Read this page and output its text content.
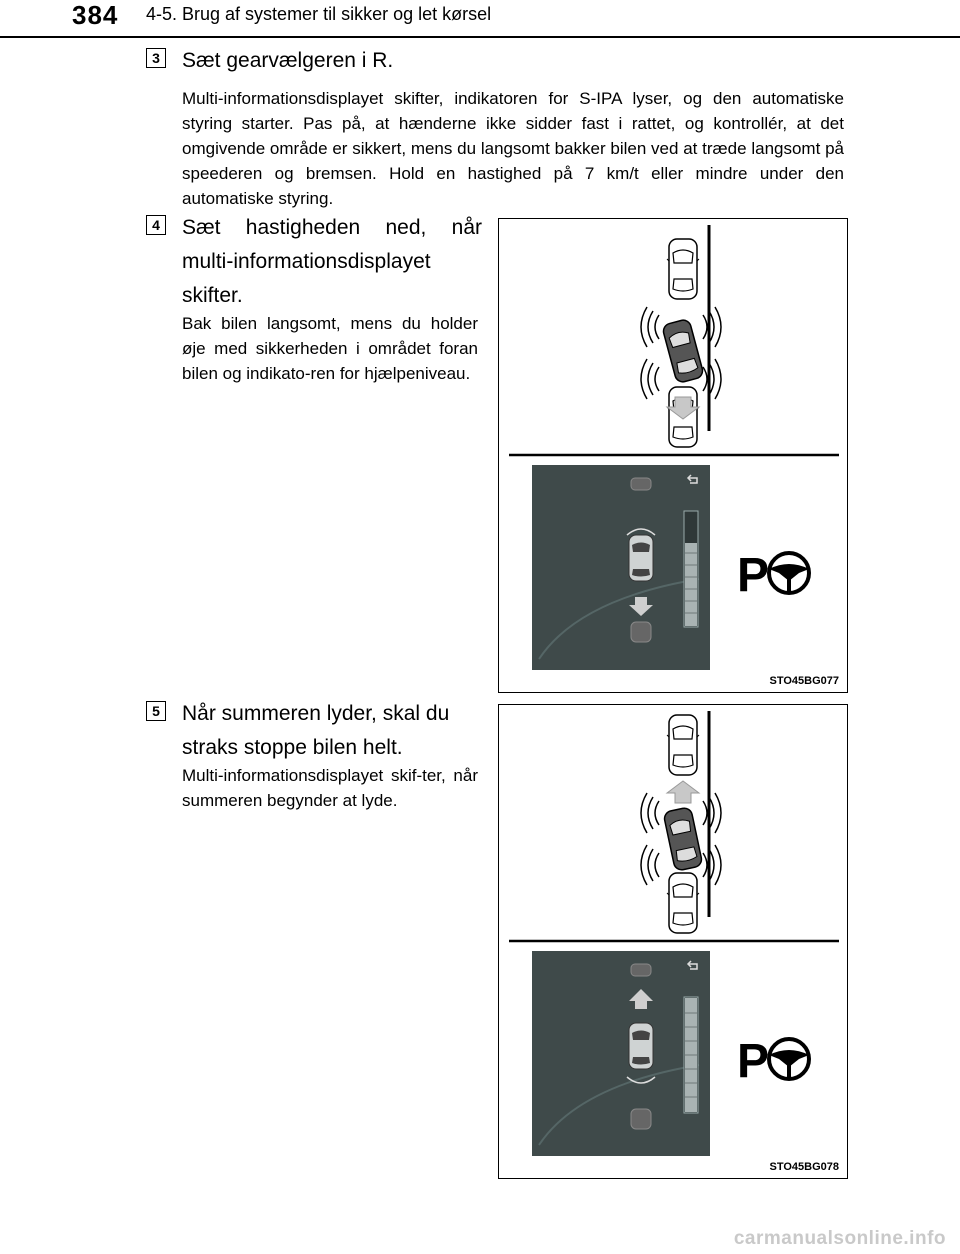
384 4-5. Brug af systemer til sikker og let kørsel
3 Sæt gearvælgeren i R.
Multi-informationsdisplayet skifter, indikatoren for S-IPA lyser, og den automatiske styring starter. Pas på, at hænderne ikke sidder fast i rattet, og kontrollér, at det omgivende område er sikkert, mens du langsomt bakker bilen ved at træde langsomt på speederen og bremsen. Hold en hastighed på 7 km/t eller mindre under den automatiske styring.
4 Sæt hastigheden ned, når
multi-informationsdisplayet
skifter.
Bak bilen langsomt, mens du holder øje med sikkerheden i området foran bilen og indikato-ren for hjælpeniveau.
P
STO45BG077
5 Når summeren lyder, skal du
straks stoppe bilen helt.
Multi-informationsdisplayet skif-ter, når summeren begynder at lyde.
P
STO45BG078
carmanualsonline.info
